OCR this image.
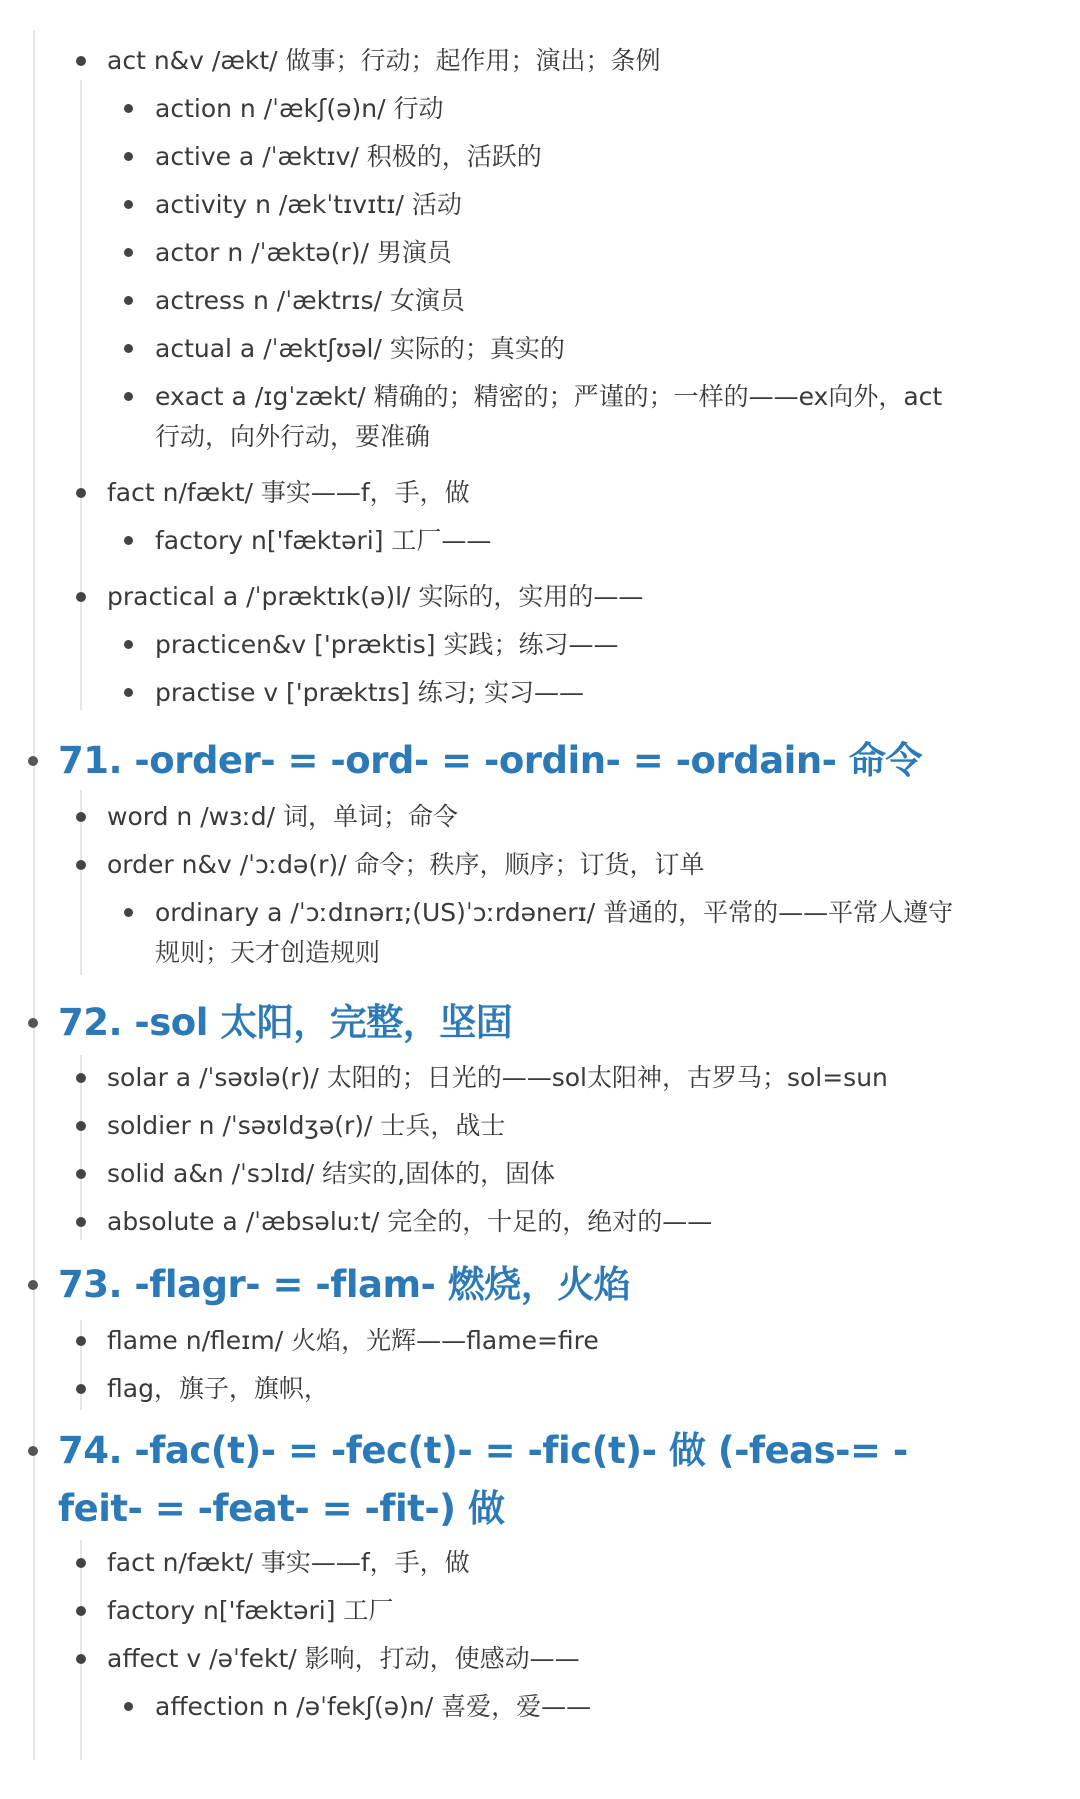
act n&v /ækt/ 做事；行动；起作用；演出；条例
action n /ˈækʃ(ə)n/ 行动
active a /ˈæktɪv/ 积极的，活跃的
activity n /ækˈtɪvɪtɪ/ 活动
actor n /ˈæktə(r)/ 男演员
actress n /ˈæktrɪs/ 女演员
actual a /ˈæktʃʊəl/ 实际的；真实的
exact a /ɪgˈzækt/ 精确的；精密的；严谨的；一样的——ex向外，act行动，向外行动，要准确
fact n/fækt/ 事实——f，手，做
factory n['fæktəri] 工厂——
practical a /ˈpræktɪk(ə)l/ 实际的，实用的——
practicen&v ['præktis] 实践；练习——
practise v ['præktɪs] 练习; 实习——
71. -order- = -ord- = -ordin- = -ordain- 命令
word n /wɜːd/ 词，单词；命令
order n&v /ˈɔːdə(r)/ 命令；秩序，顺序；订货，订单
ordinary a /ˈɔːdɪnərɪ;(US)ˈɔːrdənerɪ/ 普通的，平常的——平常人遵守规则；天才创造规则
72. -sol 太阳，完整，坚固
solar a /ˈsəʊlə(r)/ 太阳的；日光的——sol太阳神，古罗马；sol=sun
soldier n /ˈsəʊldʒə(r)/ 士兵，战士
solid a&n /ˈsɔlɪd/ 结实的,固体的，固体
absolute a /ˈæbsəluːt/ 完全的，十足的，绝对的——
73. -flagr- = -flam- 燃烧，火焰
flame n/fleɪm/ 火焰，光辉——flame=fire
flag，旗子，旗帜，
74. -fac(t)- = -fec(t)- = -fic(t)- 做 (-feas-= -feit- = -feat- = -fit-) 做
fact n/fækt/ 事实——f，手，做
factory n['fæktəri] 工厂
affect v /əˈfekt/ 影响，打动，使感动——
affection n /əˈfekʃ(ə)n/ 喜爱，爱——
